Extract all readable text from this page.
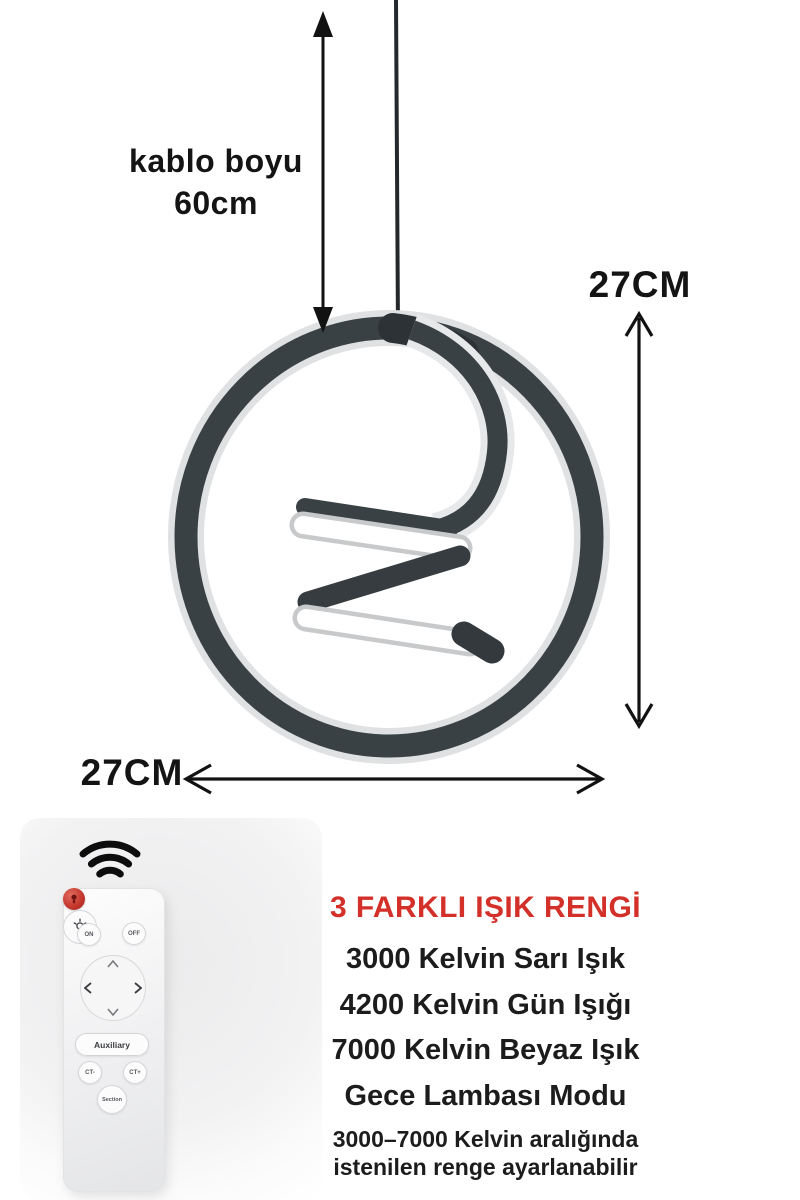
kablo boyu
60cm
27CM
27CM
ON	OFF
Auxiliary
CT-	CT+
Section
3 FARKLI IŞIK RENGİ
3000 Kelvin Sarı Işık
4200 Kelvin Gün Işığı
7000 Kelvin Beyaz Işık
Gece Lambası Modu
3000–7000 Kelvin aralığında
istenilen renge ayarlanabilir
